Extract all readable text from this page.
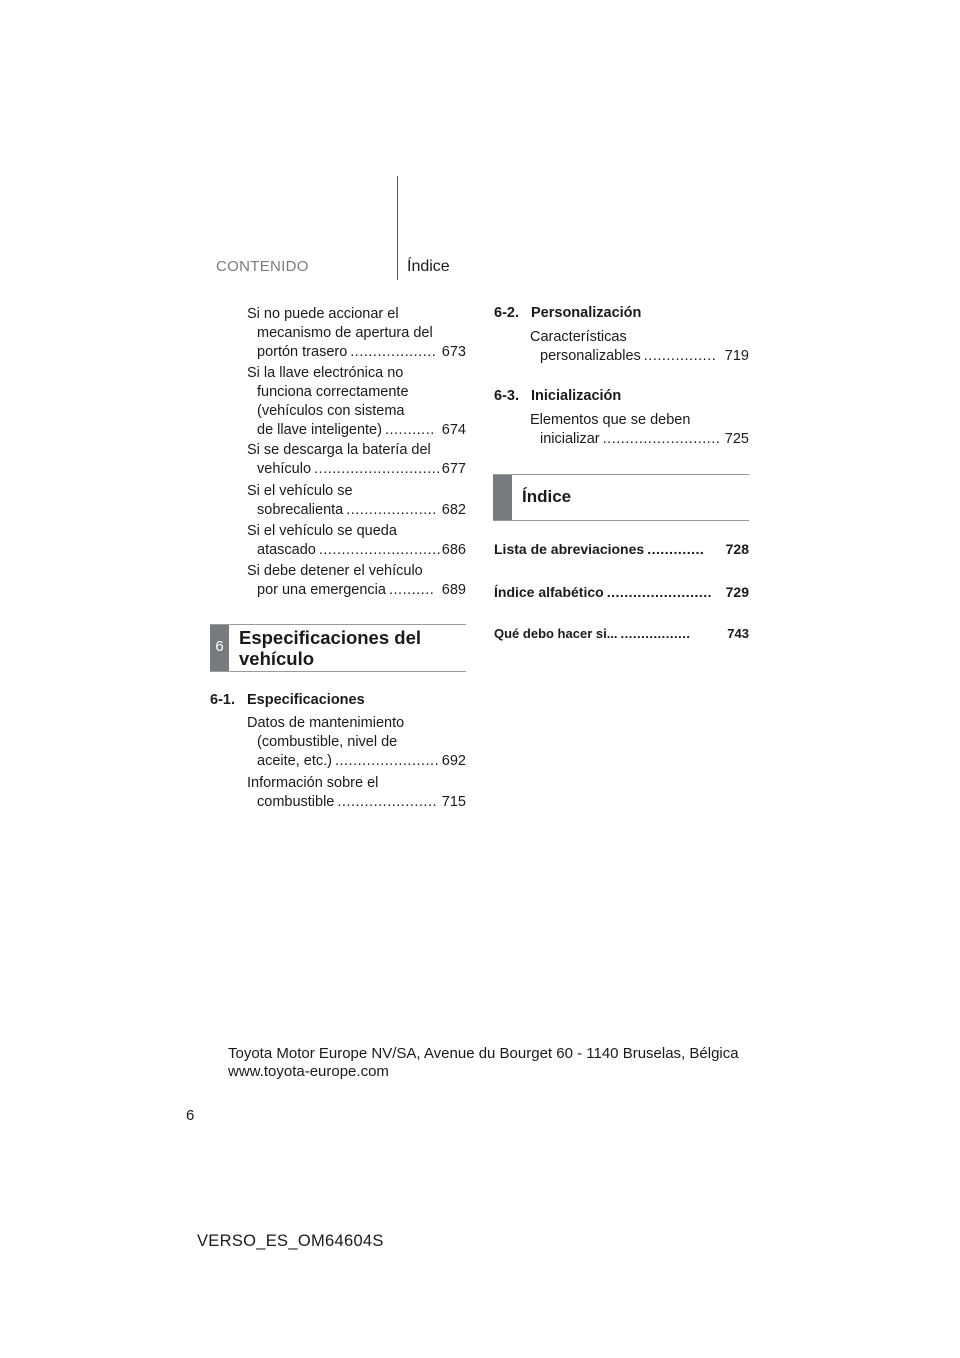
CONTENIDO	Índice
Si no puede accionar el
mecanismo de apertura del
portón trasero ................... 673
Si la llave electrónica no
funciona correctamente
(vehículos con sistema
de llave inteligente) ........... 674
Si se descarga la batería del
vehículo ............................ 677
Si el vehículo se
sobrecalienta .................... 682
Si el vehículo se queda
atascado ........................... 686
Si debe detener el vehículo
por una emergencia .......... 689
6 Especificaciones del
vehículo
6-1. Especificaciones
Datos de mantenimiento
(combustible, nivel de
aceite, etc.) ....................... 692
Información sobre el
combustible ...................... 715
6-2. Personalización
Características
personalizables ................ 719
6-3. Inicialización
Elementos que se deben
inicializar .......................... 725
Índice
Lista de abreviaciones .............	728
Índice alfabético ........................ 729
Qué debo hacer si... .................	743
Toyota Motor Europe NV/SA, Avenue du Bourget 60 - 1140 Bruselas, Bélgica
www.toyota-europe.com
6
VERSO_ES_OM64604S
